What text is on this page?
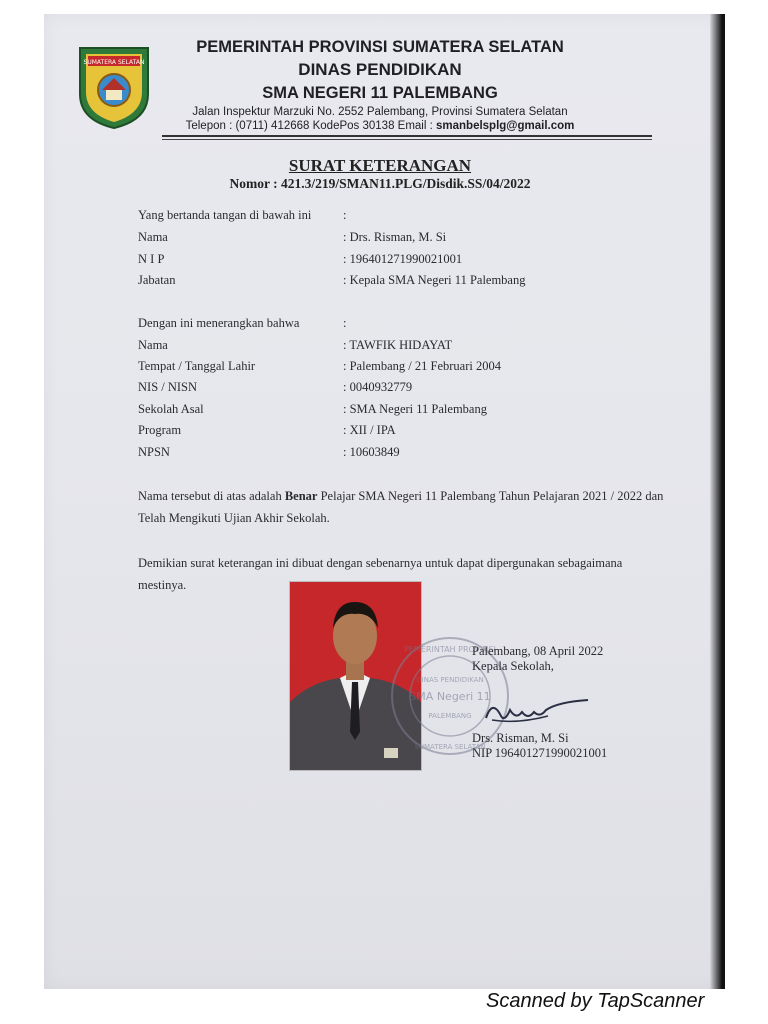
SUMATERA SELATAN
PEMERINTAH PROVINSI SUMATERA SELATAN
DINAS PENDIDIKAN
SMA NEGERI 11 PALEMBANG
Jalan Inspektur Marzuki No. 2552 Palembang, Provinsi Sumatera Selatan
Telepon : (0711) 412668 KodePos 30138 Email : smanbelsplg@gmail.com
SURAT KETERANGAN
Nomor : 421.3/219/SMAN11.PLG/Disdik.SS/04/2022
Yang bertanda tangan di bawah ini	:
Nama	: Drs. Risman, M. Si
N I P	: 196401271990021001
Jabatan	: Kepala SMA Negeri 11 Palembang
Dengan ini menerangkan bahwa	:
Nama	: TAWFIK HIDAYAT
Tempat / Tanggal Lahir	: Palembang / 21 Februari 2004
NIS / NISN	: 0040932779
Sekolah Asal	: SMA Negeri 11 Palembang
Program	: XII / IPA
NPSN	: 10603849
Nama tersebut di atas adalah Benar Pelajar SMA Negeri 11 Palembang Tahun Pelajaran 2021 / 2022 dan Telah Mengikuti Ujian Akhir Sekolah.
Demikian surat keterangan ini dibuat dengan sebenarnya untuk dapat dipergunakan sebagaimana mestinya.
PEMERINTAH PROVINSI
DINAS PENDIDIKAN
SMA Negeri 11
PALEMBANG
SUMATERA SELATAN
Palembang, 08 April 2022
Kepala Sekolah,
Drs. Risman, M. Si
NIP 196401271990021001
Scanned by TapScanner
